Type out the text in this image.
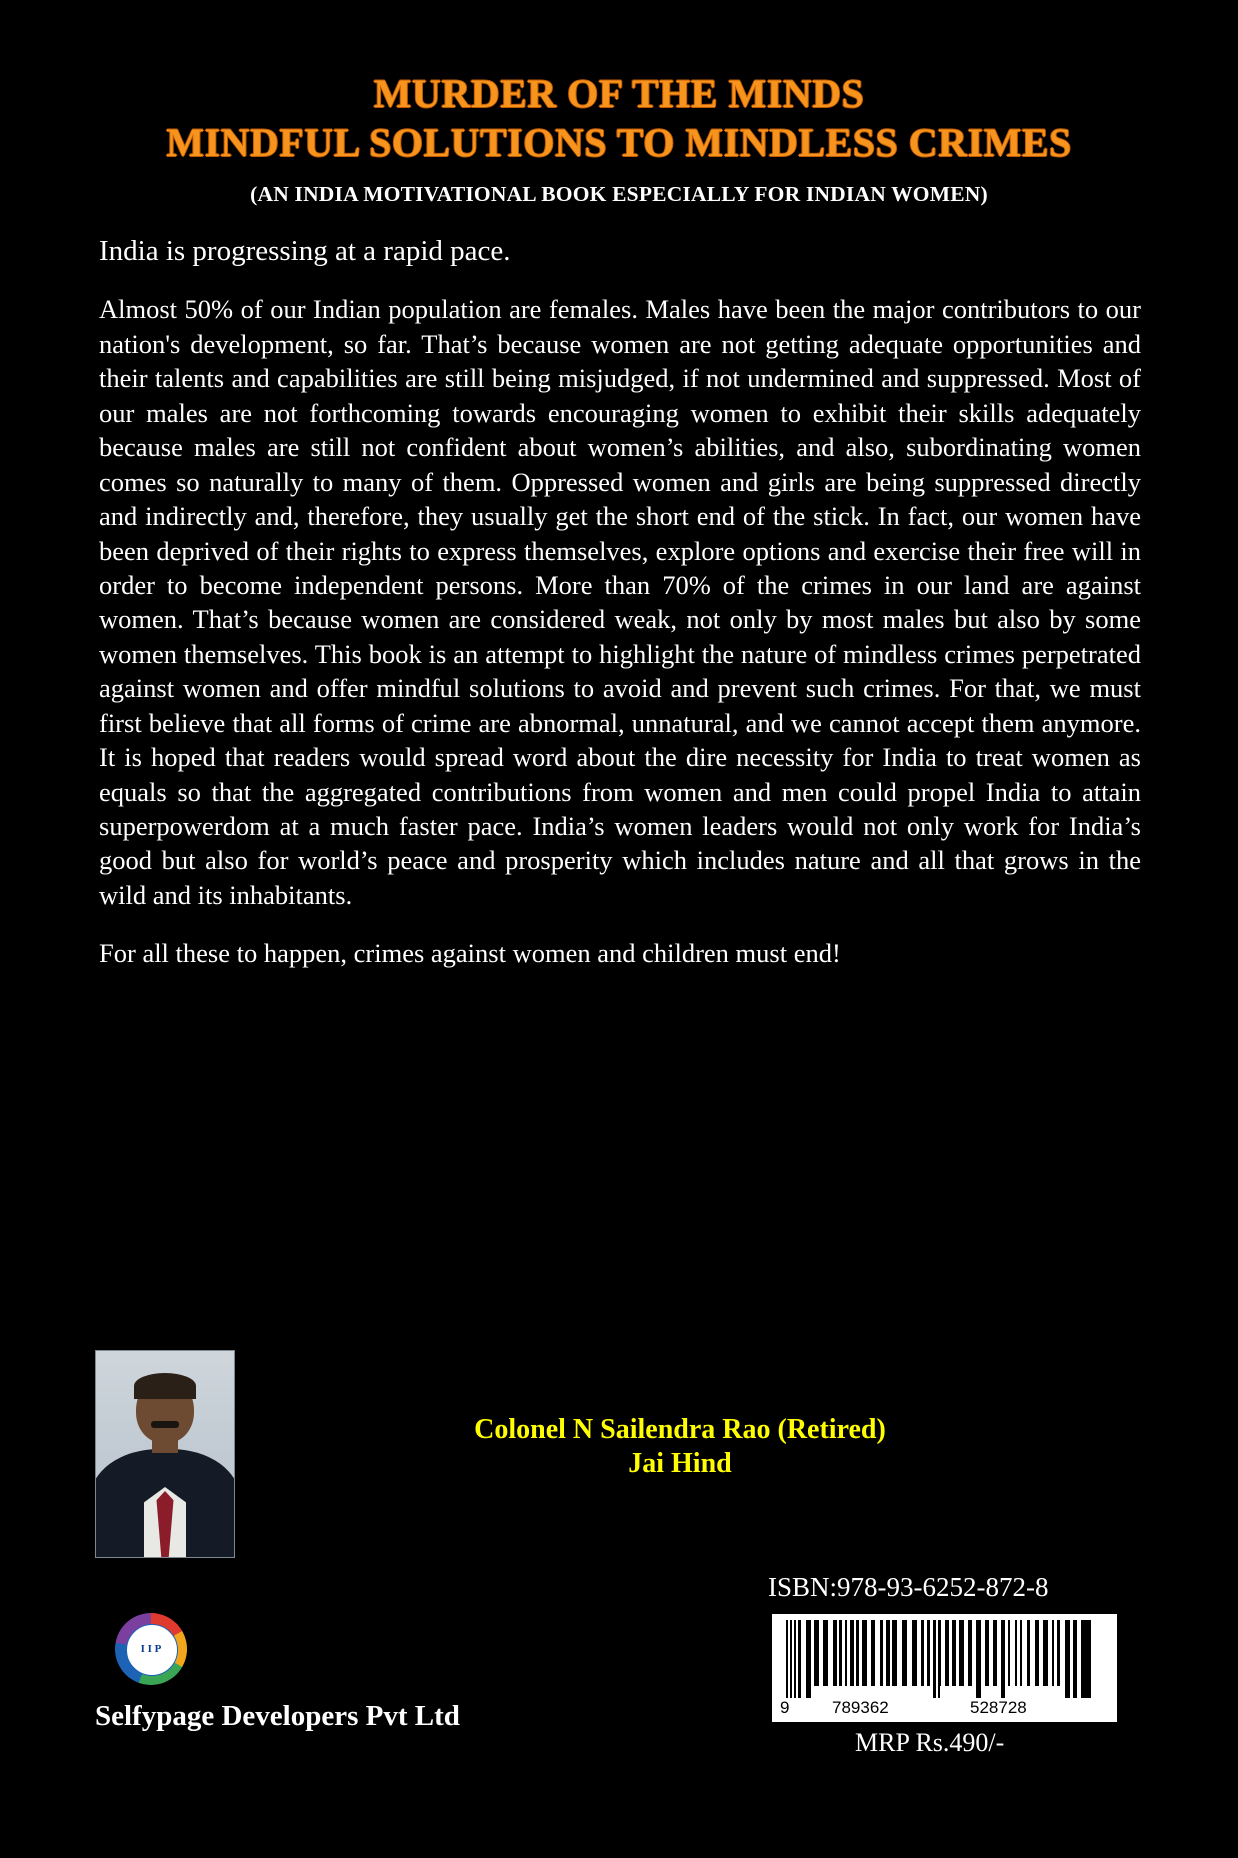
MURDER OF THE MINDS
MINDFUL SOLUTIONS TO MINDLESS CRIMES
(AN INDIA MOTIVATIONAL BOOK ESPECIALLY FOR INDIAN WOMEN)
India is progressing at a rapid pace.
Almost 50% of our Indian population are females. Males have been the major contributors to our nation's development, so far. That’s because women are not getting adequate opportunities and their talents and capabilities are still being misjudged, if not undermined and suppressed. Most of our males are not forthcoming towards encouraging women to exhibit their skills adequately because males are still not confident about women’s abilities, and also, subordinating women comes so naturally to many of them. Oppressed women and girls are being suppressed directly and indirectly and, therefore, they usually get the short end of the stick. In fact, our women have been deprived of their rights to express themselves, explore options and exercise their free will in order to become independent persons. More than 70% of the crimes in our land are against women. That’s because women are considered weak, not only by most males but also by some women themselves. This book is an attempt to highlight the nature of mindless crimes perpetrated against women and offer mindful solutions to avoid and prevent such crimes. For that, we must first believe that all forms of crime are abnormal, unnatural, and we cannot accept them anymore. It is hoped that readers would spread word about the dire necessity for India to treat women as equals so that the aggregated contributions from women and men could propel India to attain superpowerdom at a much faster pace. India’s women leaders would not only work for India’s good but also for world’s peace and prosperity which includes nature and all that grows in the wild and its inhabitants.
For all these to happen, crimes against women and children must end!
Colonel N Sailendra Rao (Retired)
Jai Hind
I I P
Selfypage Developers Pvt Ltd
ISBN:978-93-6252-872-8
9	789362	528728
MRP Rs.490/-
